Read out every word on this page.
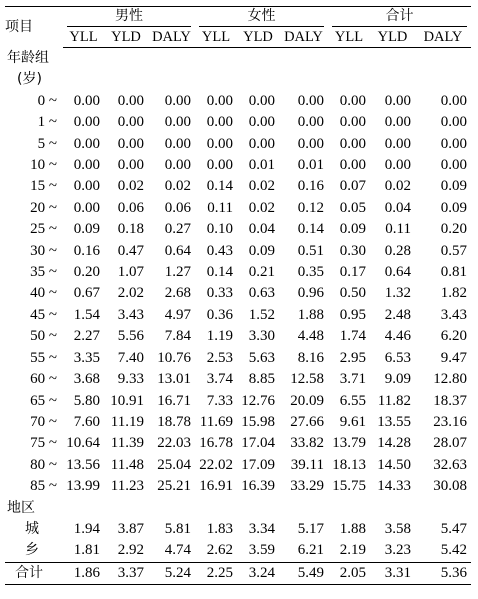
项目	男性			女性			合计		

	YLL	YLD	DALY	YLL	YLD	DALY	YLL	YLD	DALY
年龄组									
(岁)									
0 ~	0.00	0.00	0.00	0.00	0.00	0.00	0.00	0.00	0.00
1 ~	0.00	0.00	0.00	0.00	0.00	0.00	0.00	0.00	0.00
5 ~	0.00	0.00	0.00	0.00	0.00	0.00	0.00	0.00	0.00
10 ~	0.00	0.00	0.00	0.00	0.01	0.01	0.00	0.00	0.00
15 ~	0.00	0.02	0.02	0.14	0.02	0.16	0.07	0.02	0.09
20 ~	0.00	0.06	0.06	0.11	0.02	0.12	0.05	0.04	0.09
25 ~	0.09	0.18	0.27	0.10	0.04	0.14	0.09	0.11	0.20
30 ~	0.16	0.47	0.64	0.43	0.09	0.51	0.30	0.28	0.57
35 ~	0.20	1.07	1.27	0.14	0.21	0.35	0.17	0.64	0.81
40 ~	0.67	2.02	2.68	0.33	0.63	0.96	0.50	1.32	1.82
45 ~	1.54	3.43	4.97	0.36	1.52	1.88	0.95	2.48	3.43
50 ~	2.27	5.56	7.84	1.19	3.30	4.48	1.74	4.46	6.20
55 ~	3.35	7.40	10.76	2.53	5.63	8.16	2.95	6.53	9.47
60 ~	3.68	9.33	13.01	3.74	8.85	12.58	3.71	9.09	12.80
65 ~	5.80	10.91	16.71	7.33	12.76	20.09	6.55	11.82	18.37
70 ~	7.60	11.19	18.78	11.69	15.98	27.66	9.61	13.55	23.16
75 ~	10.64	11.39	22.03	16.78	17.04	33.82	13.79	14.28	28.07
80 ~	13.56	11.48	25.04	22.02	17.09	39.11	18.13	14.50	32.63
85 ~	13.99	11.23	25.21	16.91	16.39	33.29	15.75	14.33	30.08
地区									
城	1.94	3.87	5.81	1.83	3.34	5.17	1.88	3.58	5.47
乡	1.81	2.92	4.74	2.62	3.59	6.21	2.19	3.23	5.42
合计	1.86	3.37	5.24	2.25	3.24	5.49	2.05	3.31	5.36
